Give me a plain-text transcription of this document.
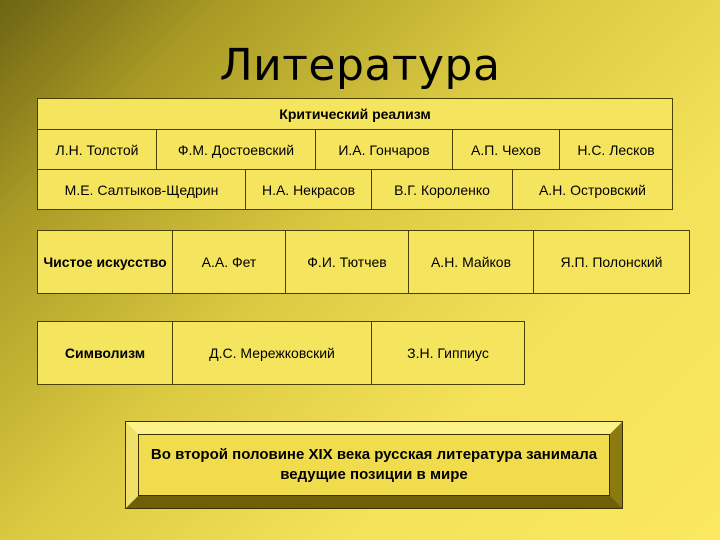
Литература
Критический реализм

Л.Н. Толстой	Ф.М. Достоевский	И.А. Гончаров	А.П. Чехов	Н.С. Лесков

М.Е. Салтыков-Щедрин	Н.А. Некрасов	В.Г. Короленко	А.Н. Островский
Чистое искусство	А.А. Фет	Ф.И. Тютчев	А.Н. Майков	Я.П. Полонский
Символизм	Д.С. Мережковский	З.Н. Гиппиус
Во второй половине XIX века русская литература занимала ведущие позиции в мире
